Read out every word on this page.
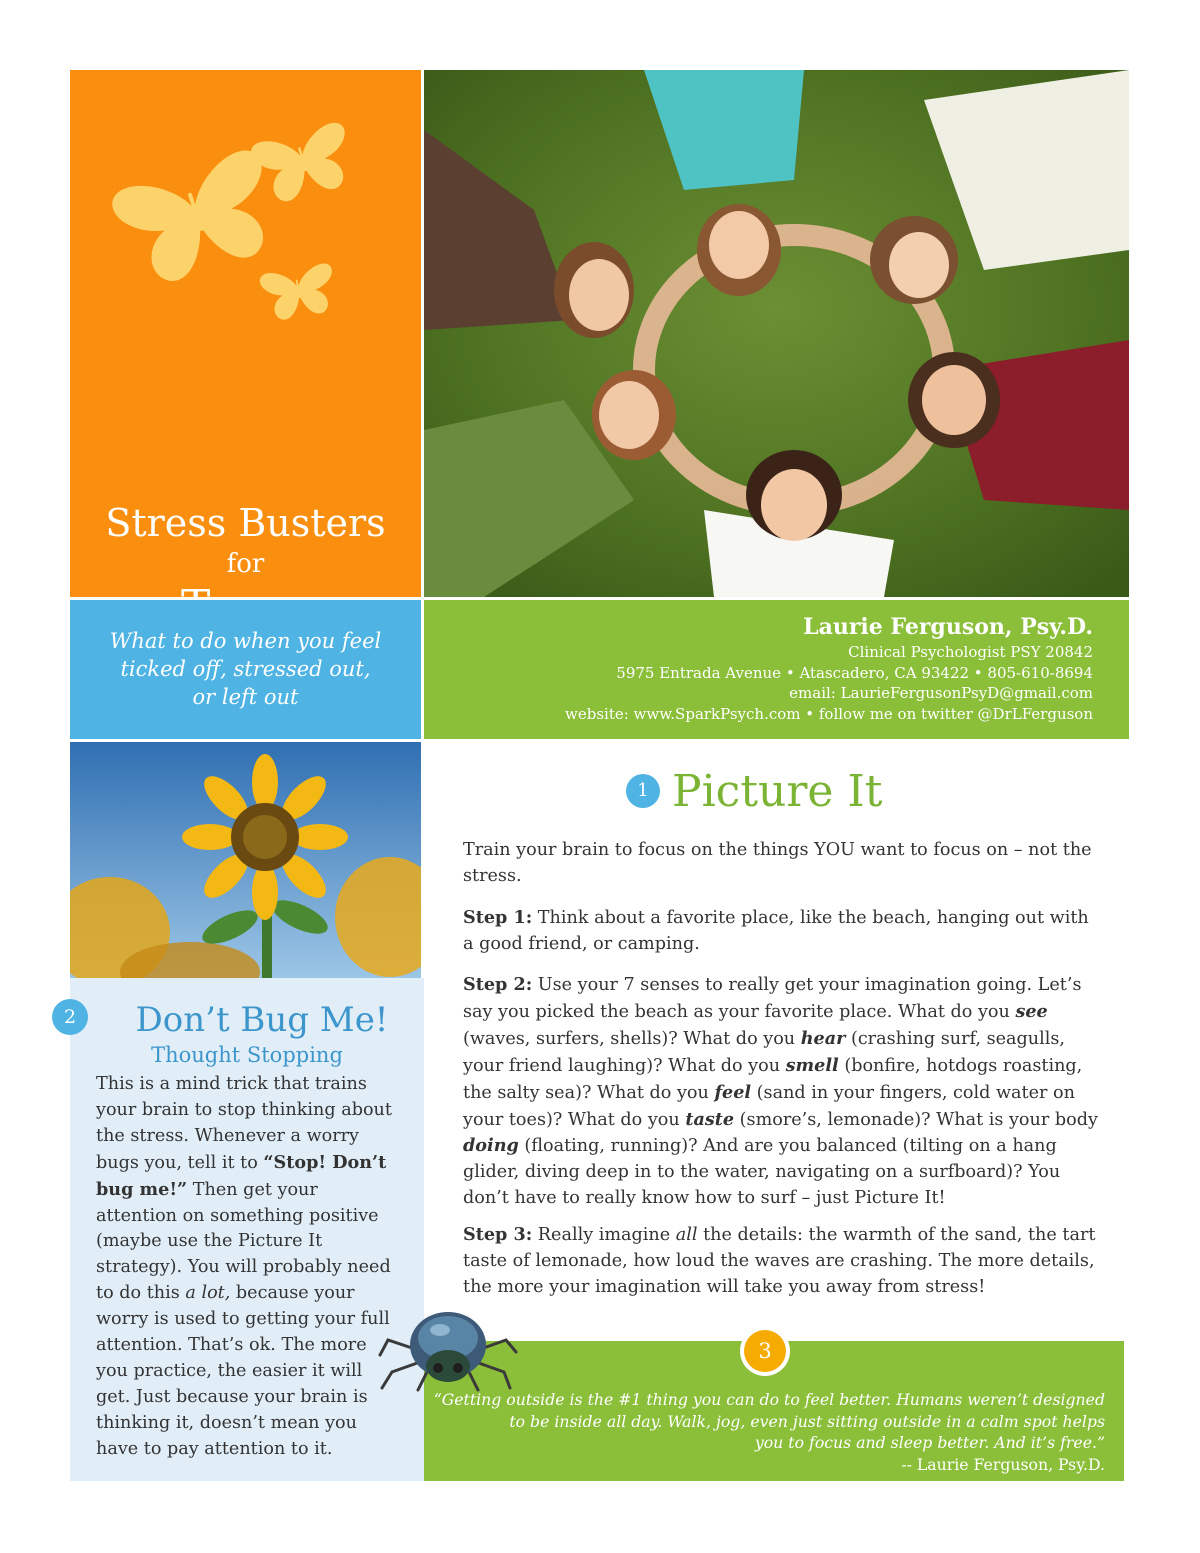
Stress Busters
for
What to do when you feel
ticked off, stressed out,
or left out
Laurie Ferguson, Psy.D.
Clinical Psychologist PSY 20842
5975 Entrada Avenue • Atascadero, CA 93422 • 805-610-8694
email: LaurieFergusonPsyD@gmail.com
website: www.SparkPsych.com • follow me on twitter @DrLFerguson
2	Don’t Bug Me!
Thought Stopping
This is a mind trick that trains your brain to stop thinking about the stress. Whenever a worry bugs you, tell it to “Stop! Don’t bug me!” Then get your attention on something positive (maybe use the Picture It strategy). You will probably need to do this a lot, because your worry is used to getting your full attention. That’s ok. The more you practice, the easier it will get. Just because your brain is thinking it, doesn’t mean you have to pay attention to it.
1 Picture It

Train your brain to focus on the things YOU want to focus on – not the stress.

Step 1: Think about a favorite place, like the beach, hanging out with a good friend, or camping.

Step 2: Use your 7 senses to really get your imagination going. Let’s say you picked the beach as your favorite place. What do you see (waves, surfers, shells)? What do you hear (crashing surf, seagulls, your friend laughing)? What do you smell (bonfire, hotdogs roasting, the salty sea)? What do you feel (sand in your fingers, cold water on your toes)? What do you taste (smore’s, lemonade)? What is your body doing (floating, running)? And are you balanced (tilting on a hang glider, diving deep in to the water, navigating on a surfboard)? You don’t have to really know how to surf – just Picture It!

Step 3: Really imagine all the details: the warmth of the sand, the tart taste of lemonade, how loud the waves are crashing. The more details, the more your imagination will take you away from stress!

3
“Getting outside is the #1 thing you can do to feel better. Humans weren’t designed
to be inside all day. Walk, jog, even just sitting outside in a calm spot helps
you to focus and sleep better. And it’s free.”
-- Laurie Ferguson, Psy.D.
